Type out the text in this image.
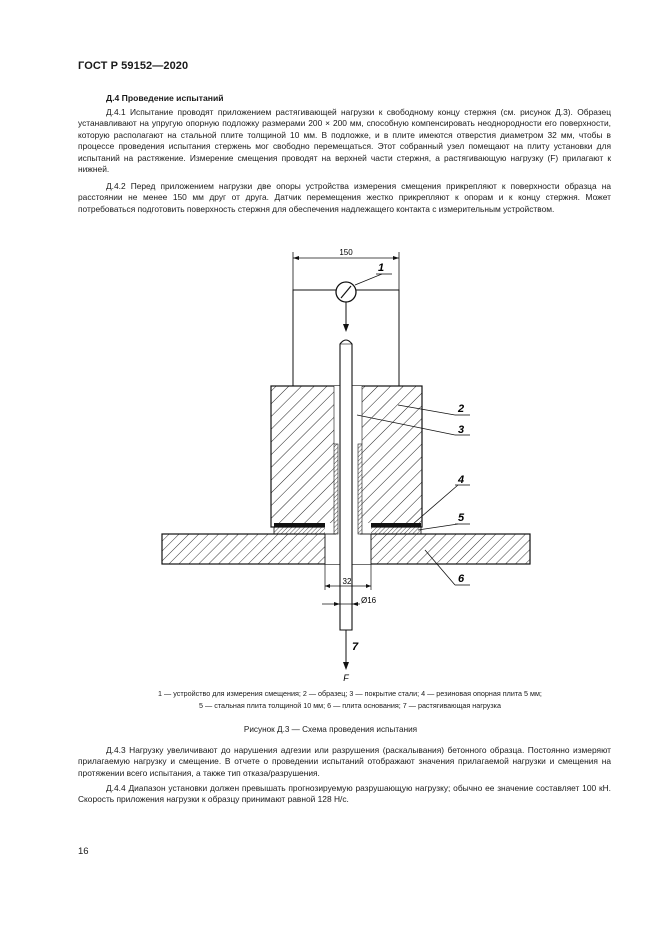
ГОСТ Р 59152—2020
Д.4 Проведение испытаний

Д.4.1 Испытание проводят приложением растягивающей нагрузки к свободному концу стержня (см. рисунок Д.3). Образец устанавливают на упругую опорную подложку размерами 200 × 200 мм, способную компенсировать неоднородности его поверхности, которую располагают на стальной плите толщиной 10 мм. В подложке, и в плите имеются отверстия диаметром 32 мм, чтобы в процессе проведения испытания стержень мог свободно перемещаться. Этот собранный узел помещают на плиту установки для испытаний на растяжение. Измерение смещения проводят на верхней части стержня, а растягивающую нагрузку (F) прилагают к нижней.

Д.4.2 Перед приложением нагрузки две опоры устройства измерения смещения прикрепляют к поверхности образца на расстоянии не менее 150 мм друг от друга. Датчик перемещения жестко прикрепляют к опорам и к концу стержня. Может потребоваться подготовить поверхность стержня для обеспечения надлежащего контакта с измерительным устройством.

150
32
Ø16
7
F
1
2
3
4
5
6
1 — устройство для измерения смещения; 2 — образец; 3 — покрытие стали; 4 — резиновая опорная плита 5 мм;
5 — стальная плита толщиной 10 мм; 6 — плита основания; 7 — растягивающая нагрузка
Рисунок Д.3 — Схема проведения испытания

Д.4.3 Нагрузку увеличивают до нарушения адгезии или разрушения (раскалывания) бетонного образца. Постоянно измеряют прилагаемую нагрузку и смещение. В отчете о проведении испытаний отображают значения прилагаемой нагрузки и смещения на протяжении всего испытания, а также тип отказа/разрушения.

Д.4.4 Диапазон установки должен превышать прогнозируемую разрушающую нагрузку; обычно ее значение составляет 100 кН. Скорость приложения нагрузки к образцу принимают равной 128 Н/с.

16
